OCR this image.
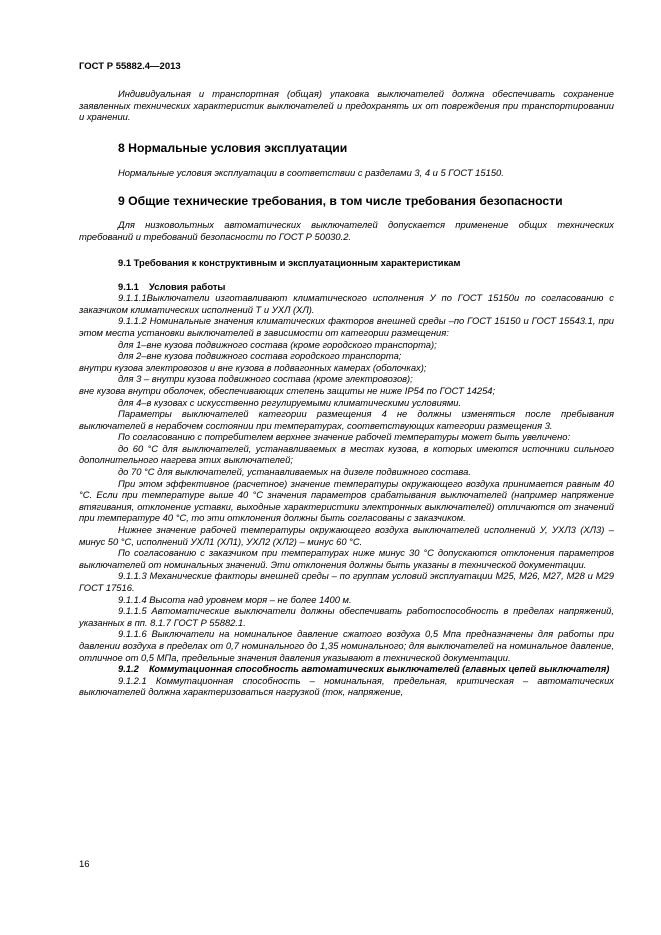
ГОСТ Р 55882.4—2013

Индивидуальная и транспортная (общая) упаковка выключателей должна обеспечивать сохранение заявленных технических характеристик выключателей и предохранять их от повреждения при транспортировании и хранении.

8 Нормальные условия эксплуатации

Нормальные условия эксплуатации в соответствии с разделами 3, 4 и 5 ГОСТ 15150.

9 Общие технические требования, в том числе требования безопасности

Для низковольтных автоматических выключателей допускается применение общих технических требований и требований безопасности по ГОСТ Р 50030.2.

9.1 Требования к конструктивным и эксплуатационным характеристикам
9.1.1 Условия работы

9.1.1.1Выключатели изготавливают климатического исполнения У по ГОСТ 15150и по согласованию с заказчиком климатических исполнений Т и УХЛ (ХЛ).

9.1.1.2 Номинальные значения климатических факторов внешней среды –по ГОСТ 15150 и ГОСТ 15543.1, при этом места установки выключателей в зависимости от категории размещения:

для 1–вне кузова подвижного состава (кроме городского транспорта);

для 2–вне кузова подвижного состава городского транспорта;

внутри кузова электровозов и вне кузова в подвагонных камерах (оболочках);

для 3 – внутри кузова подвижного состава (кроме электровозов);

вне кузова внутри оболочек, обеспечивающих степень защиты не ниже IP54 по ГОСТ 14254;

для 4–в кузовах с искусственно регулируемыми климатическими условиями.

Параметры выключателей категории размещения 4 не должны изменяться после пребывания выключателей в нерабочем состоянии при температурах, соответствующих категории размещения 3.

По согласованию с потребителем верхнее значение рабочей температуры может быть увеличено:

до 60 °С для выключателей, устанавливаемых в местах кузова, в которых имеются источники сильного дополнительного нагрева этих выключателей;

до 70 °С для выключателей, устанавливаемых на дизеле подвижного состава.

При этом эффективное (расчетное) значение температуры окружающего воздуха принимается равным 40 °С. Если при температуре выше 40 °С значения параметров срабатывания выключателей (например напряжение втягивания, отклонение уставки, выходные характеристики электронных выключателей) отличаются от значений при температуре 40 °С, то эти отклонения должны быть согласованы с заказчиком.

Нижнее значение рабочей температуры окружающего воздуха выключателей исполнений У, УХЛ3 (ХЛ3) – минус 50 °С, исполнений УХЛ1 (ХЛ1), УХЛ2 (ХЛ2) – минус 60 °С.

По согласованию с заказчиком при температурах ниже минус 30 °С допускаются отклонения параметров выключателей от номинальных значений. Эти отклонения должны быть указаны в технической документации.

9.1.1.3 Механические факторы внешней среды – по группам условий эксплуатации М25, М26, М27, М28 и М29 ГОСТ 17516.

9.1.1.4 Высота над уровнем моря – не более 1400 м.

9.1.1.5 Автоматические выключатели должны обеспечивать работоспособность в пределах напряжений, указанных в пп. 8.1.7 ГОСТ Р 55882.1.

9.1.1.6 Выключатели на номинальное давление сжатого воздуха 0,5 Мпа предназначены для работы при давлении воздуха в пределах от 0,7 номинального до 1,35 номинального; для выключателей на номинальное давление, отличное от 0,5 МПа, предельные значения давления указывают в технической документации.

9.1.2 Коммутационная способность автоматических выключателей (главных цепей выключателя)

9.1.2.1 Коммутационная способность – номинальная, предельная, критическая – автоматических выключателей должна характеризоваться нагрузкой (ток, напряжение,

16
